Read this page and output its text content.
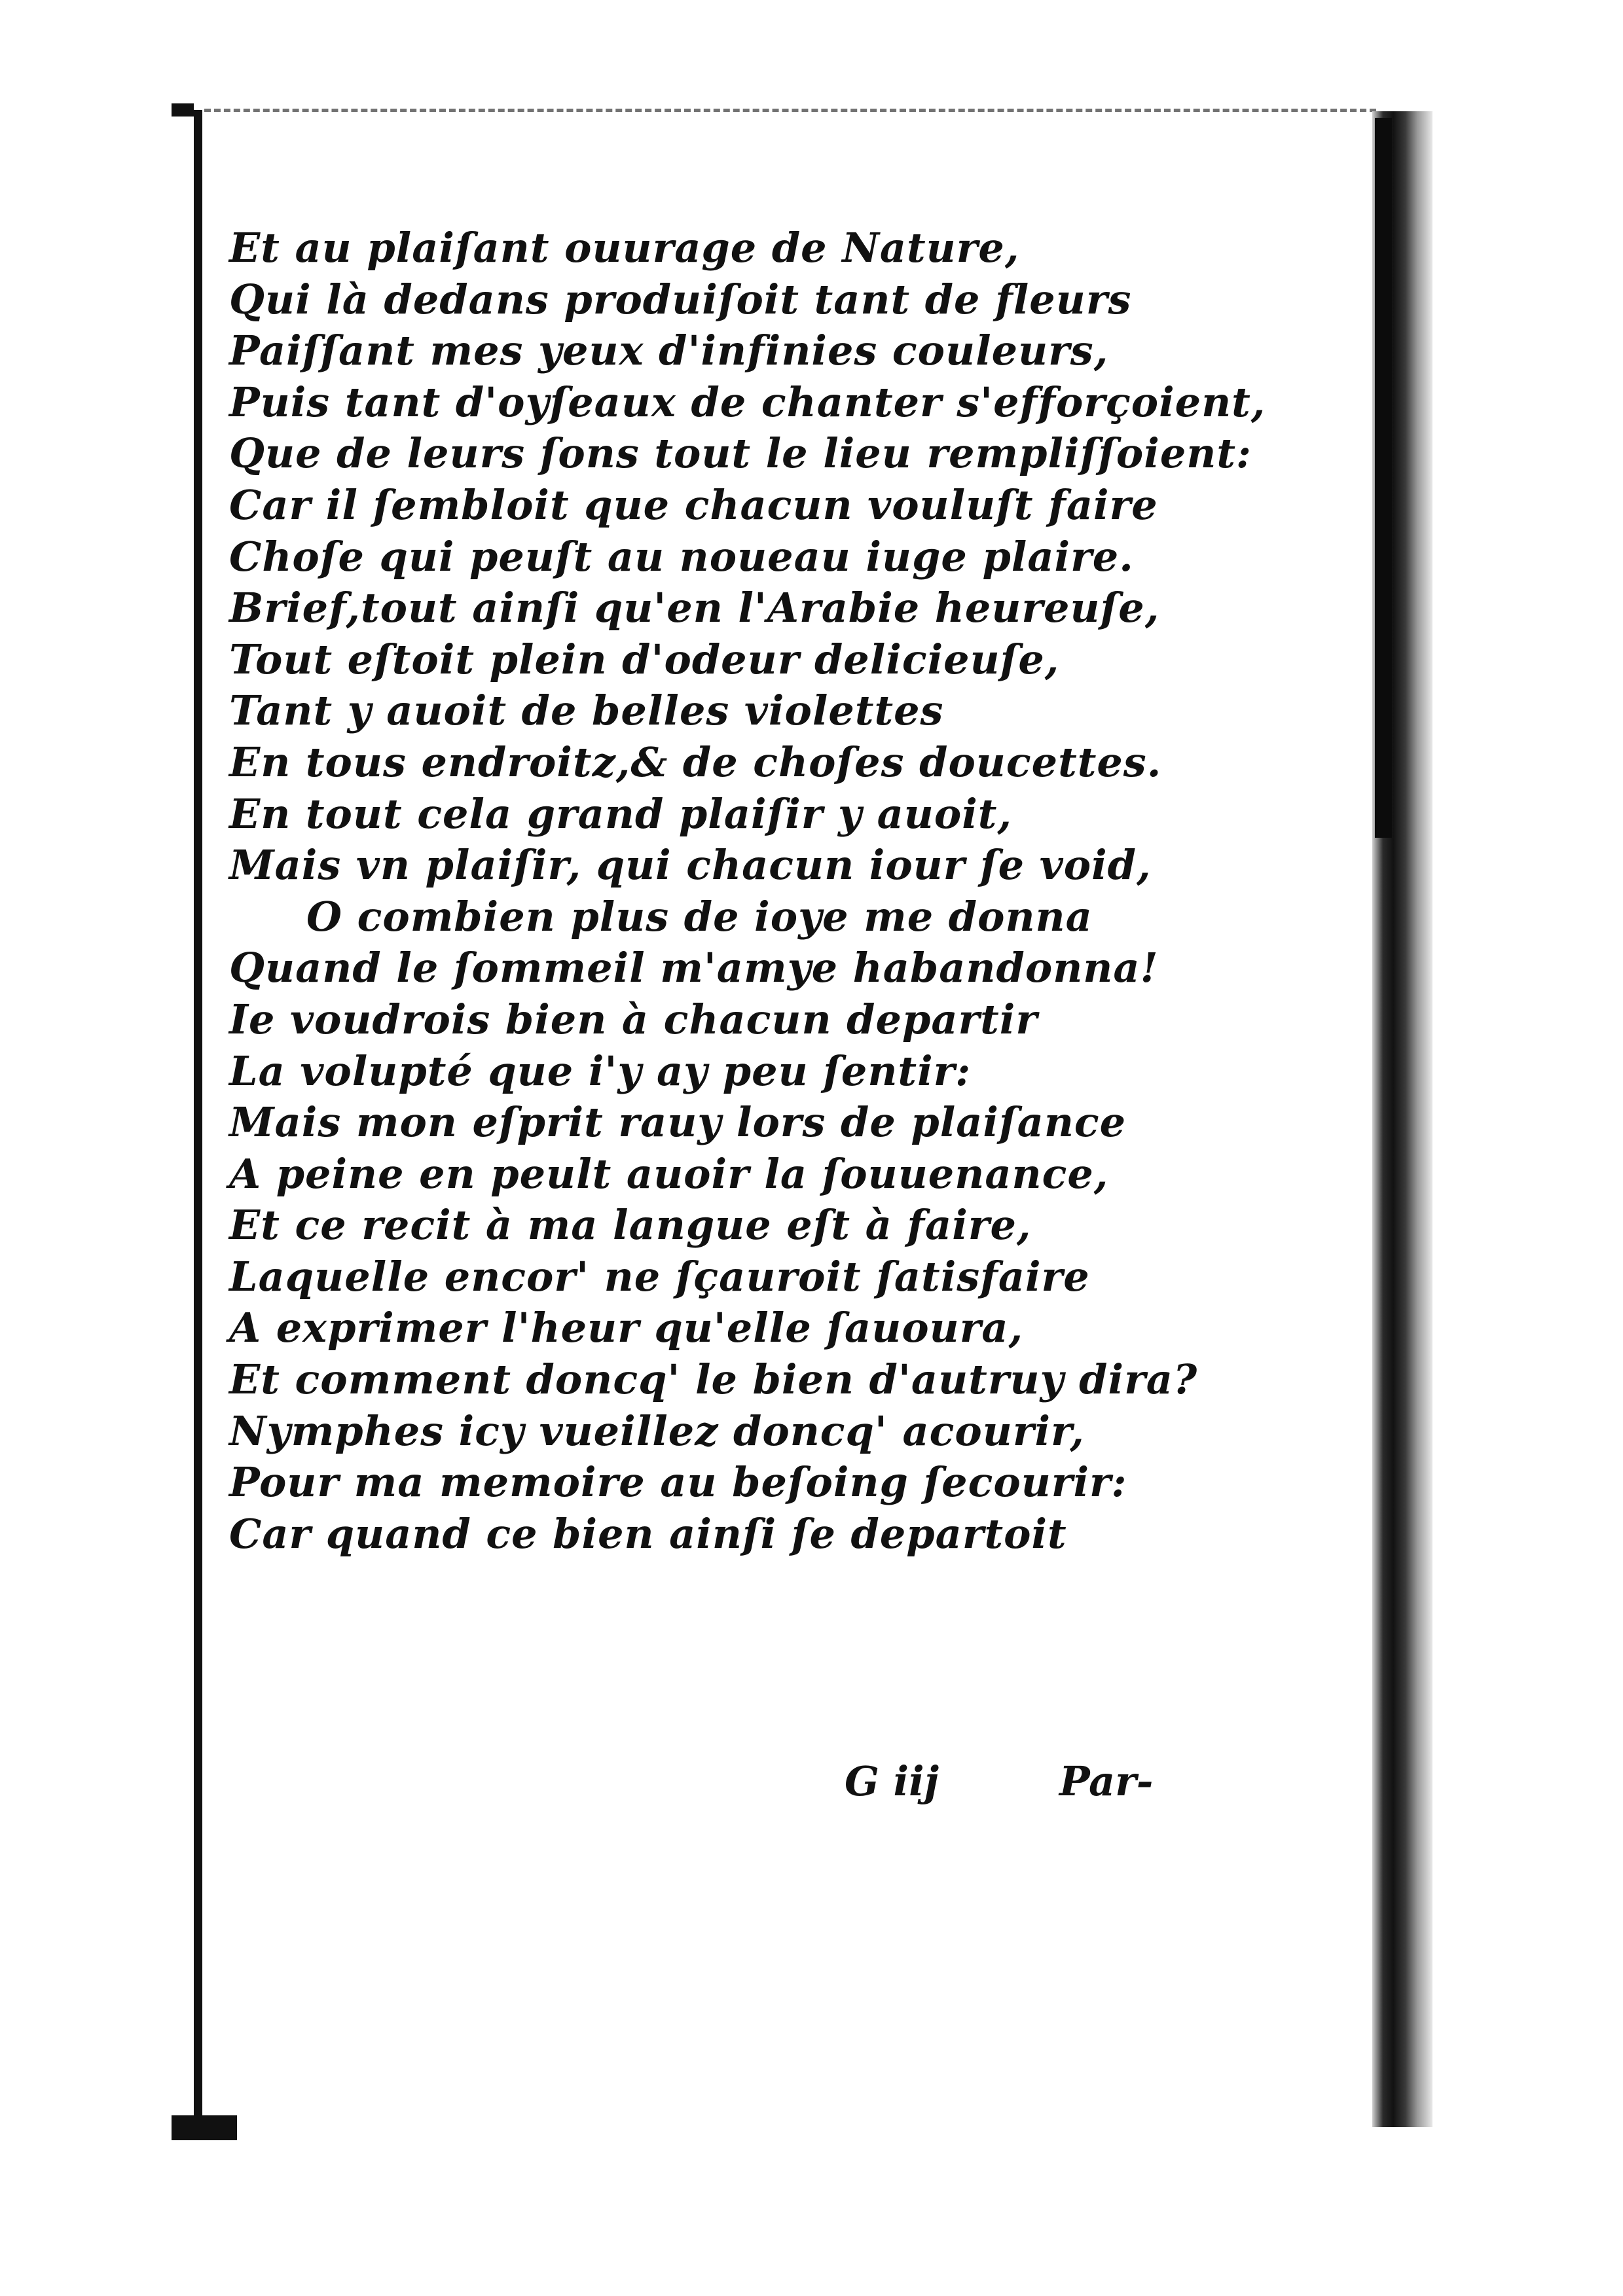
Et au plaiſant ouurage de Nature,
Qui là dedans produiſoit tant de fleurs
Paiſſant mes yeux d'infinies couleurs,
Puis tant d'oyſeaux de chanter s'efforçoient,
Que de leurs ſons tout le lieu rempliſſoient:
Car il ſembloit que chacun vouluſt faire
Choſe qui peuſt au noueau iuge plaire.
Brief,tout ainſi qu'en l'Arabie heureuſe,
Tout eſtoit plein d'odeur delicieuſe,
Tant y auoit de belles violettes
En tous endroitz,& de choſes doucettes.
En tout cela grand plaiſir y auoit,
Mais vn plaiſir, qui chacun iour ſe void,
O combien plus de ioye me donna
Quand le ſommeil m'amye habandonna!
Ie voudrois bien à chacun departir
La volupté que i'y ay peu ſentir:
Mais mon eſprit rauy lors de plaiſance
A peine en peult auoir la ſouuenance,
Et ce recit à ma langue eſt à faire,
Laquelle encor' ne ſçauroit ſatisfaire
A exprimer l'heur qu'elle ſauoura,
Et comment doncq' le bien d'autruy dira?
Nymphes icy vueillez doncq' acourir,
Pour ma memoire au beſoing ſecourir:
Car quand ce bien ainſi ſe departoit
G iij	Par-
